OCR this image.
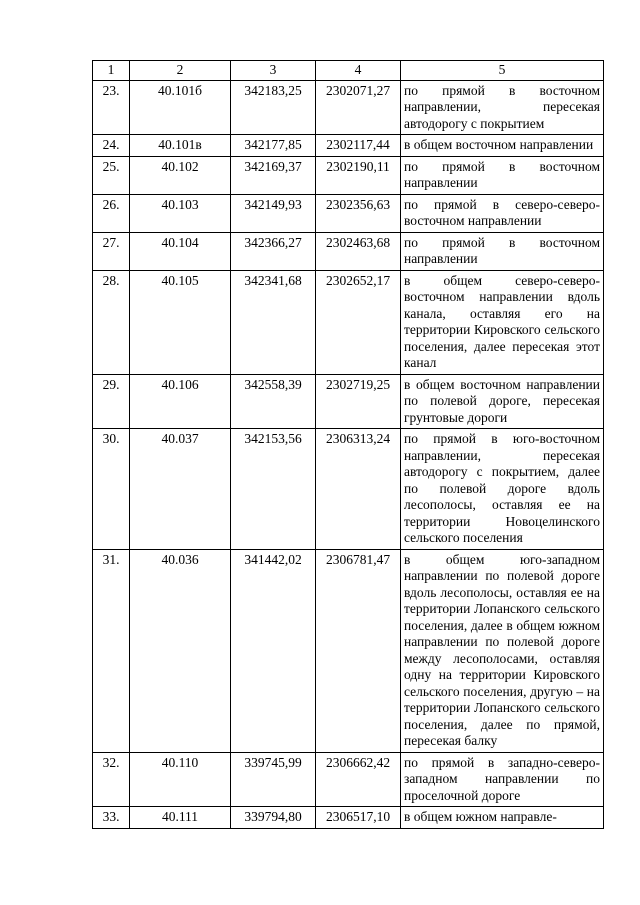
1	2	3	4	5
23.	40.101б	342183,25	2302071,27	по прямой в восточном направлении, пересекая автодорогу с покрытием
24.	40.101в	342177,85	2302117,44	в общем восточном направлении
25.	40.102	342169,37	2302190,11	по прямой в восточном направлении
26.	40.103	342149,93	2302356,63	по прямой в северо-северо-восточном направлении
27.	40.104	342366,27	2302463,68	по прямой в восточном направлении
28.	40.105	342341,68	2302652,17	в общем северо-северо-восточном направлении вдоль канала, оставляя его на территории Кировского сельского поселения, далее пересекая этот канал
29.	40.106	342558,39	2302719,25	в общем восточном направлении по полевой дороге, пересекая грунтовые дороги
30.	40.037	342153,56	2306313,24	по прямой в юго-восточном направлении, пересекая автодорогу с покрытием, далее по полевой дороге вдоль лесополосы, оставляя ее на территории Новоцелинского сельского поселения
31.	40.036	341442,02	2306781,47	в общем юго-западном направлении по полевой дороге вдоль лесополосы, оставляя ее на территории Лопанского сельского поселения, далее в общем южном направлении по полевой дороге между лесополосами, оставляя одну на территории Кировского сельского поселения, другую – на территории Лопанского сельского поселения, далее по прямой, пересекая балку
32.	40.110	339745,99	2306662,42	по прямой в западно-северо-западном направлении по проселочной дороге
33.	40.111	339794,80	2306517,10	в общем южном направле-
